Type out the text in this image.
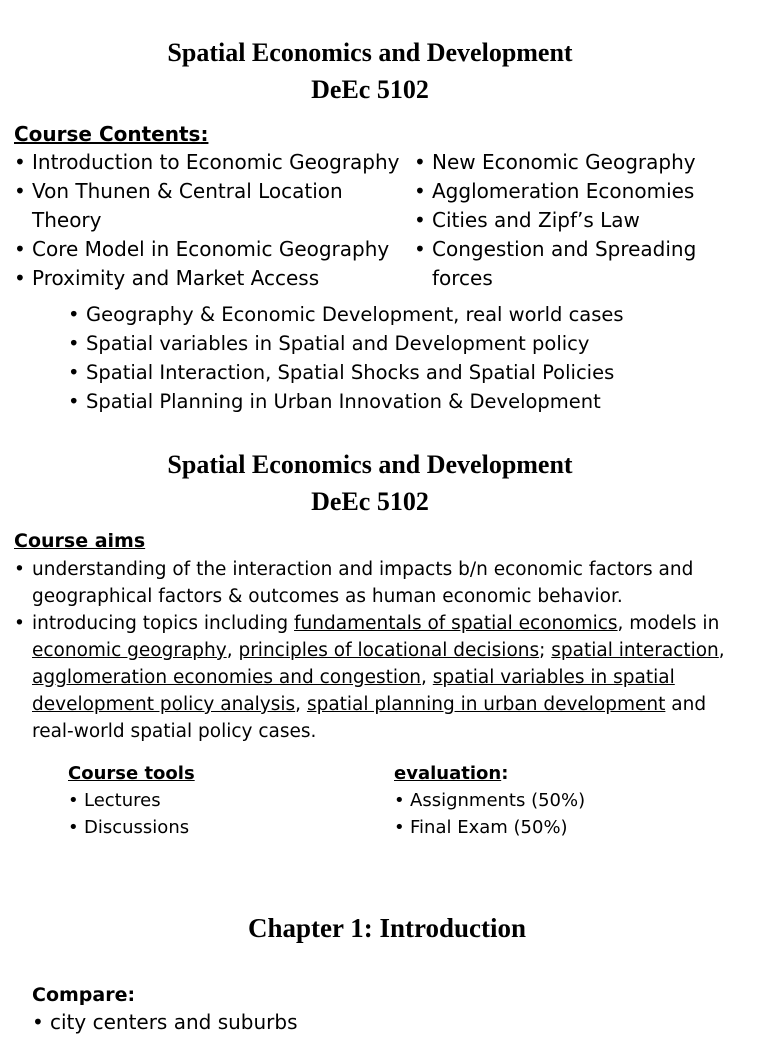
Spatial Economics and Development
DeEc 5102
Course Contents:
• Introduction to Economic Geography
• Von Thunen & Central Location Theory
• Core Model in Economic Geography
• Proximity and Market Access
• New Economic Geography
• Agglomeration Economies
• Cities and Zipf’s Law
• Congestion and Spreading forces
• Geography & Economic Development, real world cases
• Spatial variables in Spatial and Development policy
• Spatial Interaction, Spatial Shocks and Spatial Policies
• Spatial Planning in Urban Innovation & Development
Spatial Economics and Development
DeEc 5102
Course aims
• understanding of the interaction and impacts b/n economic factors and geographical factors & outcomes as human economic behavior.
• introducing topics including fundamentals of spatial economics, models in economic geography, principles of locational decisions; spatial interaction, agglomeration economies and congestion, spatial variables in spatial development policy analysis, spatial planning in urban development and real-world spatial policy cases.
Course tools
• Lectures
• Discussions
evaluation:
• Assignments (50%)
• Final Exam (50%)
Chapter 1: Introduction
Compare:
• city centers and suburbs
